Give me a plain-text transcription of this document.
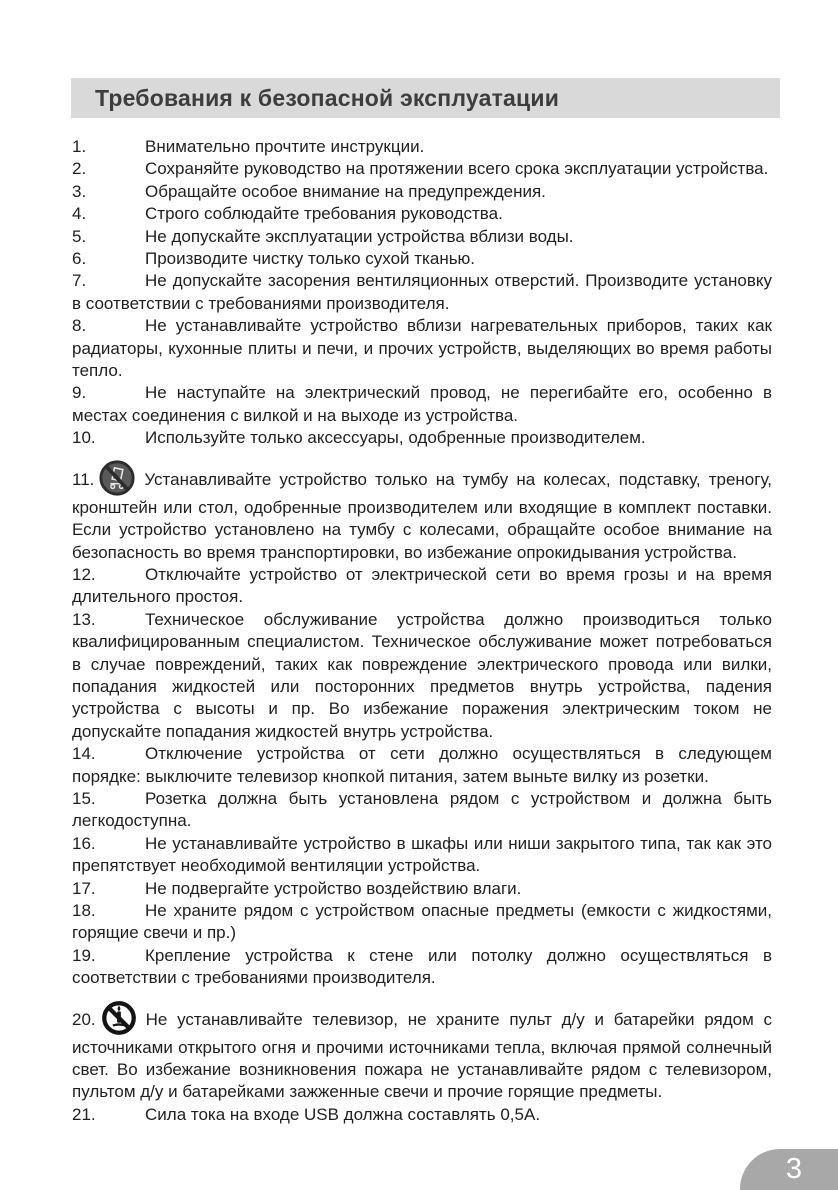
Требования к безопасной эксплуатации

1.	Внимательно прочтите инструкции.

2.	Сохраняйте руководство на протяжении всего срока эксплуатации устройства.

3.	Обращайте особое внимание на предупреждения.

4.	Строго соблюдайте требования руководства.

5.	Не допускайте эксплуатации устройства вблизи воды.

6.	Производите чистку только сухой тканью.

7.	Не допускайте засорения вентиляционных отверстий. Производите установку в соответствии с требованиями производителя.

8.	Не устанавливайте устройство вблизи нагревательных приборов, таких как радиаторы, кухонные плиты и печи, и прочих устройств, выделяющих во время работы тепло.

9.	Не наступайте на электрический провод, не перегибайте его, особенно в местах соединения с вилкой и на выходе из устройства.

10.	Используйте только аксессуары, одобренные производителем.

11.	Устанавливайте устройство только на тумбу на колесах, подставку, треногу, кронштейн или стол, одобренные производителем или входящие в комплект поставки. Если устройство установлено на тумбу с колесами, обращайте особое внимание на безопасность во время транспортировки, во избежание опрокидывания устройства.

12.	Отключайте устройство от электрической сети во время грозы и на время длительного простоя.

13.	Техническое обслуживание устройства должно производиться только квалифицированным специалистом. Техническое обслуживание может потребоваться в случае повреждений, таких как повреждение электрического провода или вилки, попадания жидкостей или посторонних предметов внутрь устройства, падения устройства с высоты и пр. Во избежание поражения электрическим током не допускайте попадания жидкостей внутрь устройства.

14.	Отключение устройства от сети должно осуществляться в следующем порядке: выключите телевизор кнопкой питания, затем выньте вилку из розетки.

15.	Розетка должна быть установлена рядом с устройством и должна быть легкодоступна.

16.	Не устанавливайте устройство в шкафы или ниши закрытого типа, так как это препятствует необходимой вентиляции устройства.

17.	Не подвергайте устройство воздействию влаги.

18.	Не храните рядом с устройством опасные предметы (емкости с жидкостями, горящие свечи и пр.)

19.	Крепление устройства к стене или потолку должно осуществляться в соответствии с требованиями производителя.

20.	Не устанавливайте телевизор, не храните пульт д/у и батарейки рядом с источниками открытого огня и прочими источниками тепла, включая прямой солнечный свет. Во избежание возникновения пожара не устанавливайте рядом с телевизором, пультом д/у и батарейками зажженные свечи и прочие горящие предметы.

21.	Сила тока на входе USB должна составлять 0,5А.

3
